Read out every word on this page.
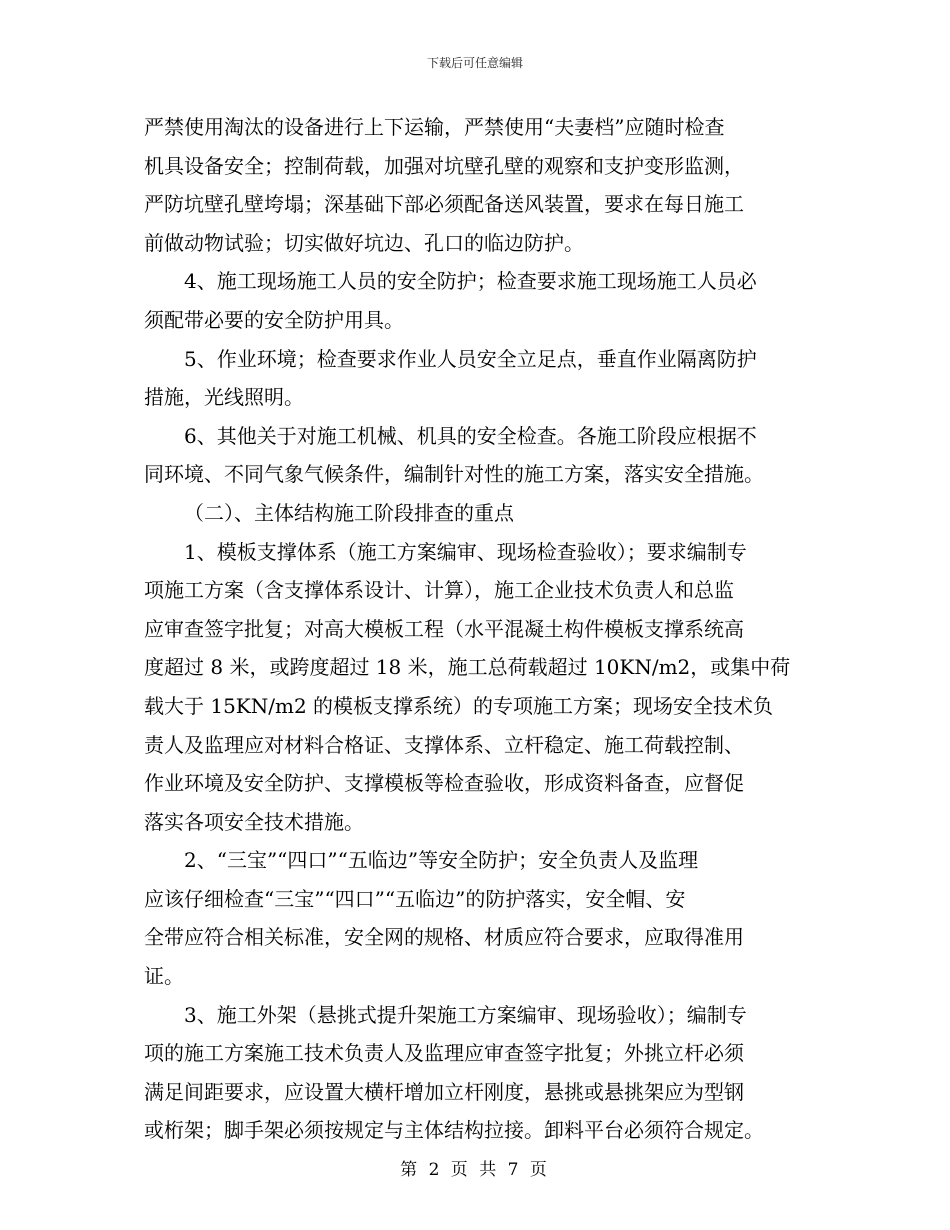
下载后可任意编辑
严禁使用淘汰的设备进行上下运输，严禁使用“夫妻档”应随时检查
机具设备安全；控制荷载，加强对坑壁孔壁的观察和支护变形监测，
严防坑壁孔壁垮塌；深基础下部必须配备送风装置，要求在每日施工
前做动物试验；切实做好坑边、孔口的临边防护。
4、施工现场施工人员的安全防护；检查要求施工现场施工人员必
须配带必要的安全防护用具。
5、作业环境；检查要求作业人员安全立足点，垂直作业隔离防护
措施，光线照明。
6、其他关于对施工机械、机具的安全检查。各施工阶段应根据不
同环境、不同气象气候条件，编制针对性的施工方案，落实安全措施。
（二）、主体结构施工阶段排查的重点
1、模板支撑体系（施工方案编审、现场检查验收）；要求编制专
项施工方案（含支撑体系设计、计算），施工企业技术负责人和总监
应审查签字批复；对高大模板工程（水平混凝土构件模板支撑系统高
度超过 8 米，或跨度超过 18 米，施工总荷载超过 10KN/m2，或集中荷
载大于 15KN/m2 的模板支撑系统）的专项施工方案；现场安全技术负
责人及监理应对材料合格证、支撑体系、立杆稳定、施工荷载控制、
作业环境及安全防护、支撑模板等检查验收，形成资料备查，应督促
落实各项安全技术措施。
2、“三宝”“四口”“五临边”等安全防护；安全负责人及监理
应该仔细检查“三宝”“四口”“五临边”的防护落实，安全帽、安
全带应符合相关标准，安全网的规格、材质应符合要求，应取得准用
证。
3、施工外架（悬挑式提升架施工方案编审、现场验收）；编制专
项的施工方案施工技术负责人及监理应审查签字批复；外挑立杆必须
满足间距要求，应设置大横杆增加立杆刚度，悬挑或悬挑架应为型钢
或桁架；脚手架必须按规定与主体结构拉接。卸料平台必须符合规定。
第 2 页 共 7 页
